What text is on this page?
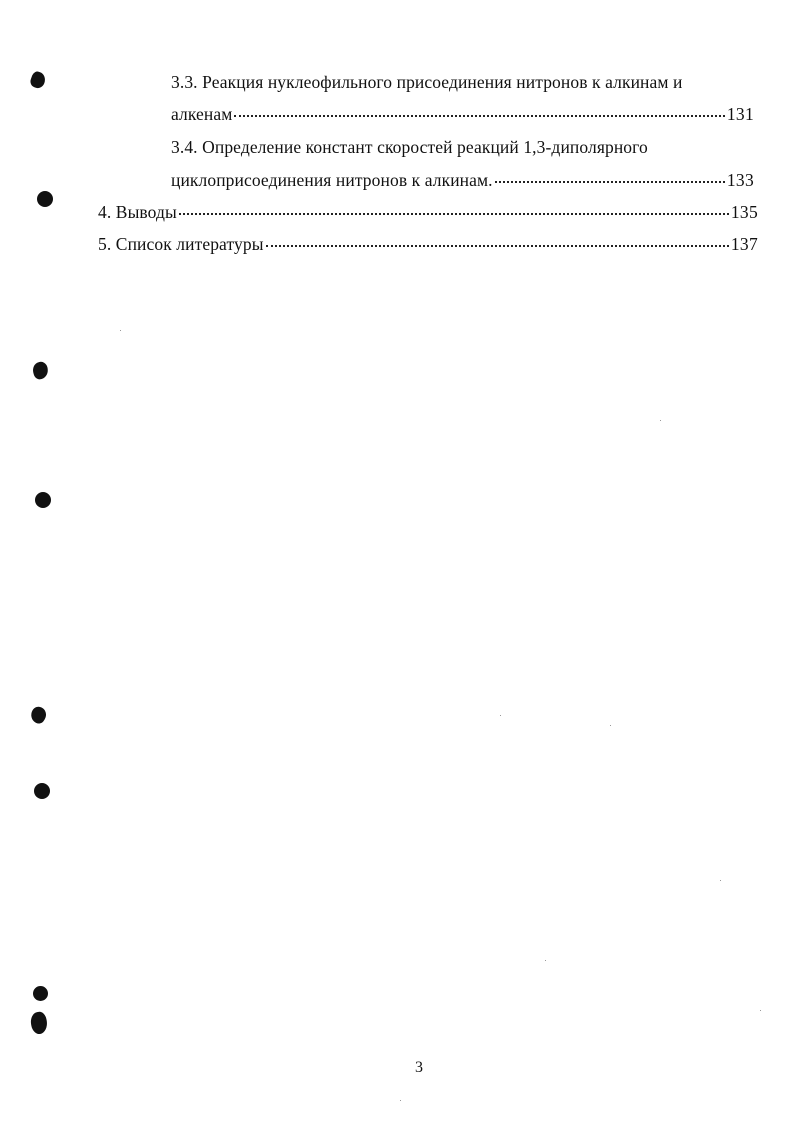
3.3. Реакция нуклеофильного присоединения нитронов к алкинам и
алкенам	131
3.4. Определение констант скоростей реакций 1,3-диполярного
циклоприсоединения нитронов к алкинам.	133
4. Выводы	135
5. Список литературы	137
3
